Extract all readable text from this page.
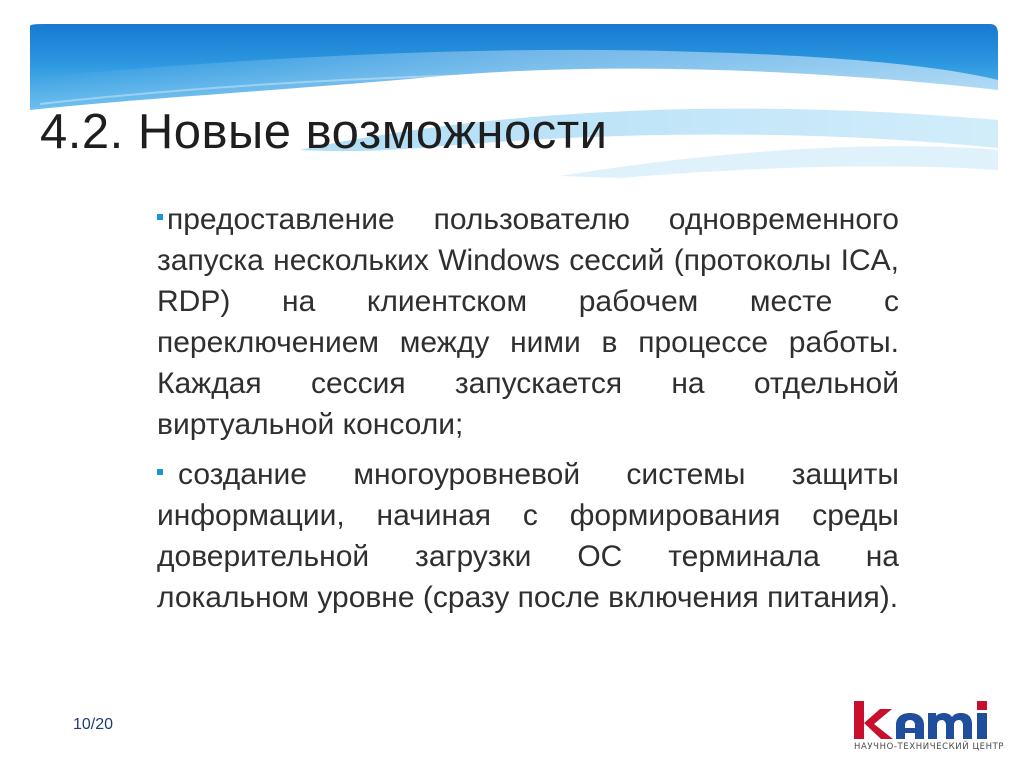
4.2. Новые возможности

предоставление пользователю одновременного запуска нескольких Windows сессий (протоколы ICA, RDP) на клиентском рабочем месте с переключением между ними в процессе работы. Каждая сессия запускается на отдельной виртуальной консоли;

создание многоуровневой системы защиты информации, начиная с формирования среды доверительной загрузки ОС терминала на локальном уровне (сразу после включения питания).

10/20
НАУЧНО-ТЕХНИЧЕСКИЙ ЦЕНТР
